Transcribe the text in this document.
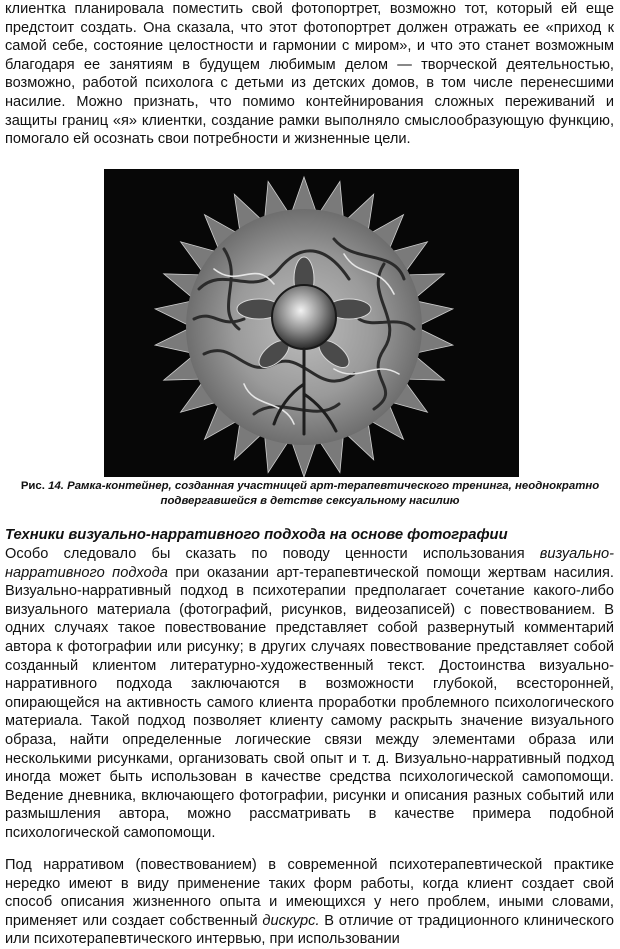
клиентка планировала поместить свой фотопортрет, возможно тот, который ей еще предстоит создать. Она сказала, что этот фотопортрет должен отражать ее «приход к самой себе, состояние целостности и гармонии с миром», и что это станет возможным благодаря ее занятиям в будущем любимым делом — творческой деятельностью, возможно, работой психолога с детьми из детских домов, в том числе перенесшими насилие. Можно признать, что помимо контейнирования сложных переживаний и защиты границ «я» клиентки, создание рамки выполняло смыслообразующую функцию, помогало ей осознать свои потребности и жизненные цели.

Рис. 14. Рамка-контейнер, созданная участницей арт-терапевтического тренинга, неоднократно подвергавшейся в детстве сексуальному насилию
Техники визуально-нарративного подхода на основе фотографии

Особо следовало бы сказать по поводу ценности использования визуально-нарративного подхода при оказании арт-терапевтической помощи жертвам насилия. Визуально-нарративный подход в психотерапии предполагает сочетание какого-либо визуального материала (фотографий, рисунков, видеозаписей) с повествованием. В одних случаях такое повествование представляет собой развернутый комментарий автора к фотографии или рисунку; в других случаях повествование представляет собой созданный клиентом литературно-художественный текст. Достоинства визуально-нарративного подхода заключаются в возможности глубокой, всесторонней, опирающейся на активность самого клиента проработки проблемного психологического материала. Такой подход позволяет клиенту самому раскрыть значение визуального образа, найти определенные логические связи между элементами образа или несколькими рисунками, организовать свой опыт и т. д. Визуально-нарративный подход иногда может быть использован в качестве средства психологической самопомощи. Ведение дневника, включающего фотографии, рисунки и описания разных событий или размышления автора, можно рассматривать в качестве примера подобной психологической самопомощи.

Под нарративом (повествованием) в современной психотерапевтической практике нередко имеют в виду применение таких форм работы, когда клиент создает свой способ описания жизненного опыта и имеющихся у него проблем, иными словами, применяет или создает собственный дискурс. В отличие от традиционного клинического или психотерапевтического интервью, при использовании
